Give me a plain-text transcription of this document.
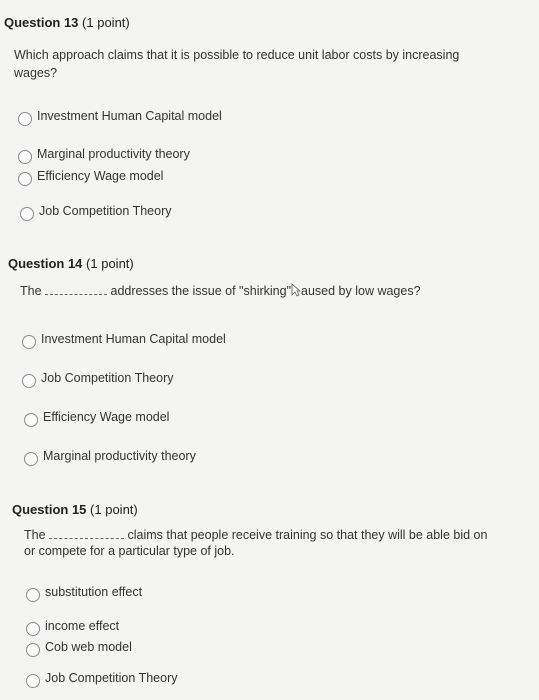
Question 13 (1 point)
Which approach claims that it is possible to reduce unit labor costs by increasing wages?
Investment Human Capital model
Marginal productivity theory
Efficiency Wage model
Job Competition Theory
Question 14 (1 point)
The	addresses the issue of "shirking" aused by low wages?
Investment Human Capital model
Job Competition Theory
Efficiency Wage model
Marginal productivity theory
Question 15 (1 point)
The	claims that people receive training so that they will be able bid on
or compete for a particular type of job.
substitution effect
income effect
Cob web model
Job Competition Theory
